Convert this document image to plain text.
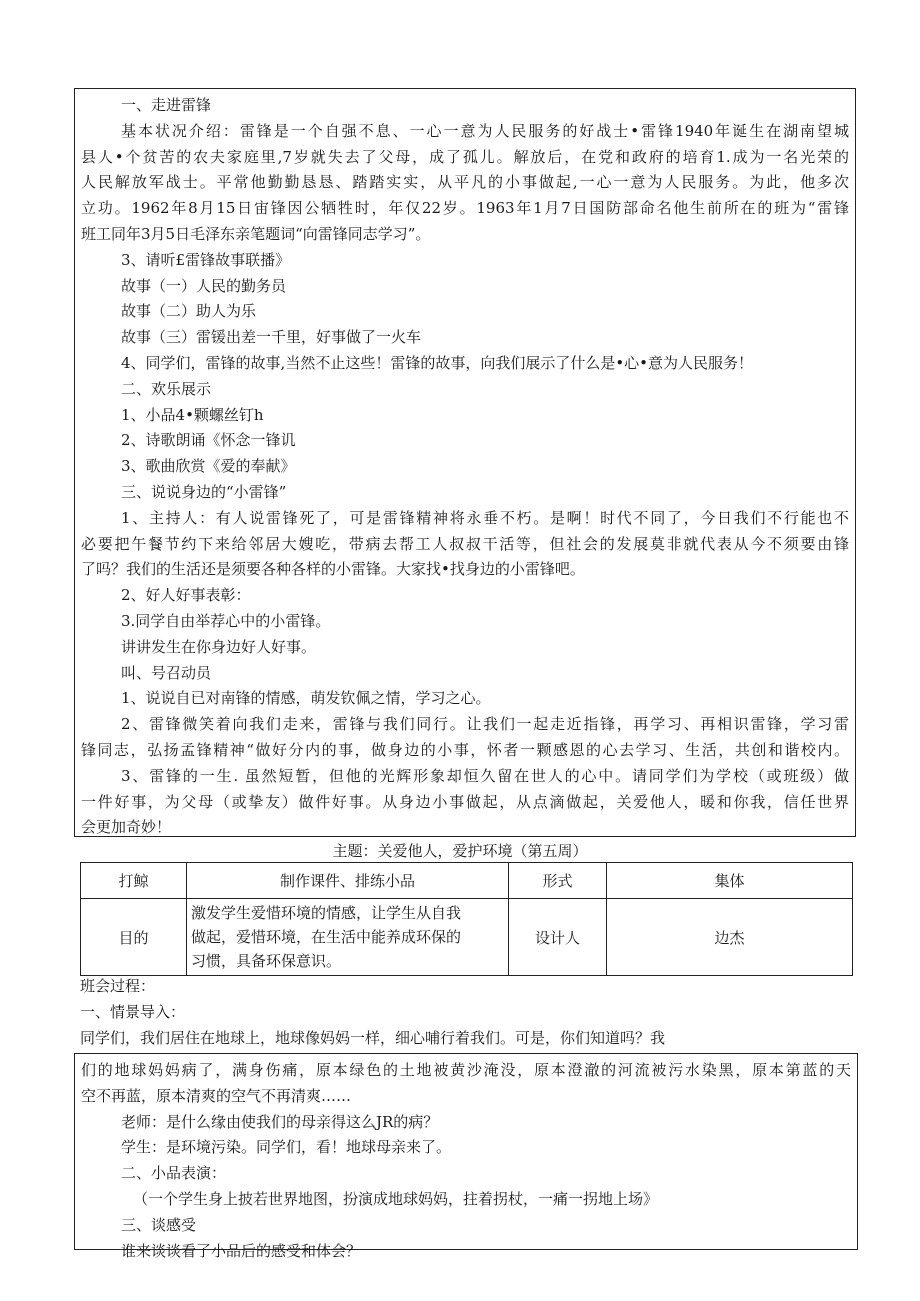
一、走进雷锋
基本状况介绍：雷锋是一个自强不息、一心一意为人民服务的好战士•雷锋1940年诞生在湖南望城
县人•个贫苦的农夫家庭里,7岁就失去了父母，成了孤儿。解放后，在党和政府的培育1.成为一名光荣的
人民解放军战士。平常他勤勤恳恳、踏踏实实，从平凡的小事做起,一心一意为人民服务。为此，他多次
立功。1962年8月15日宙锋因公牺牲时，年仅22岁。1963年1月7日国防部命名他生前所在的班为“雷锋
班工同年3月5日毛泽东亲笔题词“向雷锋同志学习”。
3、请听£雷锋故事联播》
故事（一）人民的勤务员
故事（二）助人为乐
故事（三）雷锾出差一千里，好事做了一火车
4、同学们，雷锋的故事,当然不止这些！雷锋的故事，向我们展示了什么是•心•意为人民服务！
二、欢乐展示
1、小品4•颗螺丝钉h
2、诗歌朗诵《怀念一锋讥
3、歌曲欣赏《爱的奉献》
三、说说身边的“小雷锋”
1、主持人：有人说雷锋死了，可是雷锋精神将永垂不朽。是啊！时代不同了，今日我们不行能也不
必要把午餐节约下来给邻居大嫂吃，带病去帮工人叔叔干活等，但社会的发展莫非就代表从今不须要由锋
了吗？我们的生活还是须要各种各样的小雷锋。大家找•找身边的小雷锋吧。
2、好人好事表彰：
3.同学自由举荐心中的小雷锋。
讲讲发生在你身边好人好事。
叫、号召动员
1、说说自已对南锋的情感，萌发钦佩之情，学习之心。
2、雷锋微笑着向我们走来，雷锋与我们同行。让我们一起走近指锋，再学习、再相识雷锋，学习雷
锋同志，弘扬孟锋精神“做好分内的事，做身边的小事，怀者一颗感恩的心去学习、生活，共创和谐校内。
3、雷锋的一生. 虽然短暂，但他的光辉形象却恒久留在世人的心中。请同学们为学校（或班级）做
一件好事，为父母（或挚友）做件好事。从身边小事做起，从点滴做起，关爱他人，暖和你我，信任世界
会更加奇妙！
主题：关爱他人，爱护环境（第五周）
打鲸	制作课件、排练小品	形式	集体
目的	激发学生爱惜环境的情感，让学生从自我
做起，爱惜环境，在生活中能养成环保的
习惯，具备环保意识。	设计人	边杰
班会过程：
一、情景导入：
同学们，我们居住在地球上，地球像妈妈一样，细心哺行着我们。可是，你们知道吗？我
们的地球妈妈病了，满身伤痛，原本绿色的土地被黄沙淹没，原本澄澈的河流被污水染黑，原本第蓝的天
空不再蓝，原本清爽的空气不再清爽……
老师：是什么缘由使我们的母亲得这么JR的病？
学生：是环境污染。同学们，看！地球母亲来了。
二、小品表演：
（一个学生身上披若世界地图，扮演成地球妈妈，拄着拐杖，一痛一拐地上场》
三、谈感受
谁来谈谈看了小品后的感受和体会？
